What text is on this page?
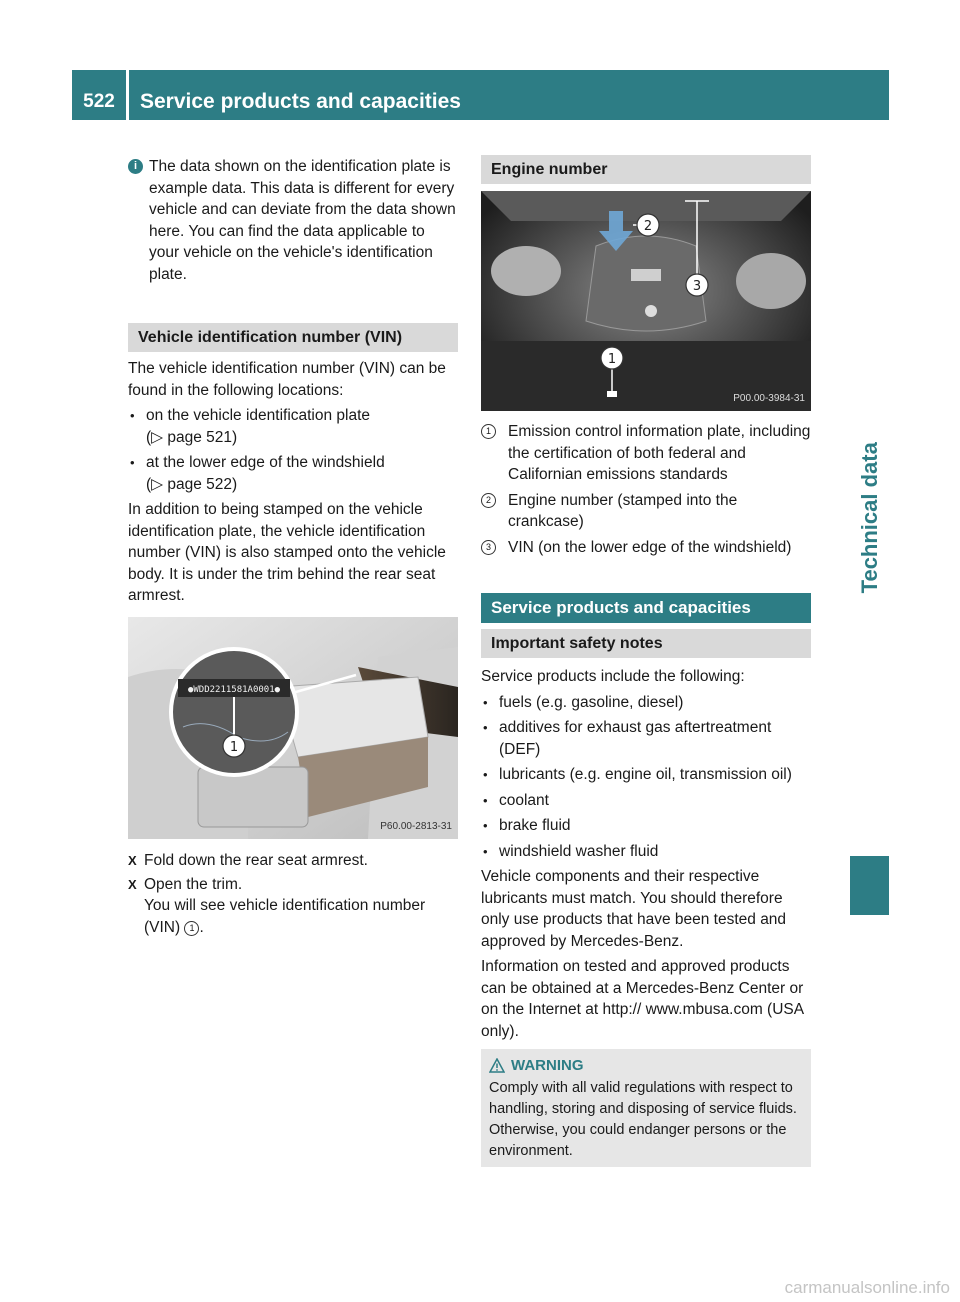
522	Service products and capacities
Technical data
i The data shown on the identification plate is example data. This data is different for every vehicle and can deviate from the data shown here. You can find the data applicable to your vehicle on the vehicle's identification plate.
Vehicle identification number (VIN)

The vehicle identification number (VIN) can be found in the following locations:

• on the vehicle identification plate
(▷ page 521)
• at the lower edge of the windshield
(▷ page 522)

In addition to being stamped on the vehicle identification plate, the vehicle identification number (VIN) is also stamped onto the vehicle body. It is under the trim behind the rear seat armrest.

●WDD2211581A0001●
1
P60.00-2813-31
X Fold down the rear seat armrest.
X Open the trim.
You will see vehicle identification number (VIN) 1 .
Engine number
2
3
1
P00.00-3984-31
1	Emission control information plate, including the certification of both federal and Californian emissions standards
2	Engine number (stamped into the crankcase)
3	VIN (on the lower edge of the windshield)
Service products and capacities
Important safety notes

Service products include the following:

• fuels (e.g. gasoline, diesel)
• additives for exhaust gas aftertreatment (DEF)
• lubricants (e.g. engine oil, transmission oil)
• coolant
• brake fluid
• windshield washer fluid

Vehicle components and their respective lubricants must match. You should therefore only use products that have been tested and approved by Mercedes-Benz.

Information on tested and approved products can be obtained at a Mercedes-Benz Center or on the Internet at http:// www.mbusa.com (USA only).

WARNING
Comply with all valid regulations with respect to handling, storing and disposing of service fluids. Otherwise, you could endanger persons or the environment.
carmanualsonline.info
